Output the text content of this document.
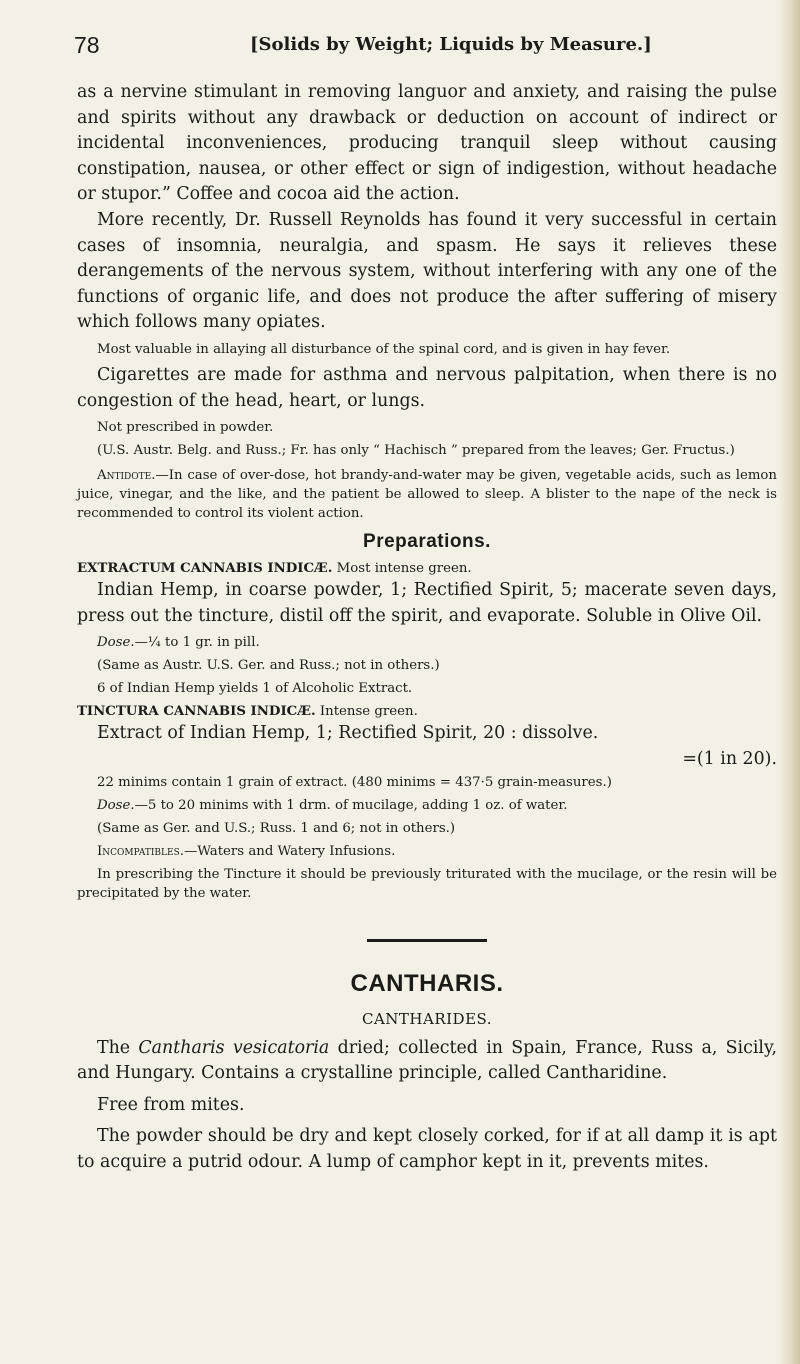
78	[Solids by Weight; Liquids by Measure.]

as a nervine stimulant in removing languor and anxiety, and raising the pulse and spirits without any drawback or deduction on account of indirect or incidental inconveniences, producing tranquil sleep without causing constipation, nausea, or other effect or sign of indigestion, without headache or stupor.” Coffee and cocoa aid the action.

More recently, Dr. Russell Reynolds has found it very successful in certain cases of insomnia, neuralgia, and spasm. He says it relieves these derangements of the nervous system, without interfering with any one of the functions of organic life, and does not produce the after suffering of misery which follows many opiates.

Most valuable in allaying all disturbance of the spinal cord, and is given in hay fever.

Cigarettes are made for asthma and nervous palpitation, when there is no congestion of the head, heart, or lungs.

Not prescribed in powder.

(U.S. Austr. Belg. and Russ.; Fr. has only “ Hachisch ” prepared from the leaves; Ger. Fructus.)

Antidote.—In case of over-dose, hot brandy-and-water may be given, vegetable acids, such as lemon juice, vinegar, and the like, and the patient be allowed to sleep. A blister to the nape of the neck is recommended to control its violent action.

Preparations.

EXTRACTUM CANNABIS INDICÆ. Most intense green.

Indian Hemp, in coarse powder, 1; Rectified Spirit, 5; macerate seven days, press out the tincture, distil off the spirit, and evaporate. Soluble in Olive Oil.

Dose.—¼ to 1 gr. in pill.

(Same as Austr. U.S. Ger. and Russ.; not in others.)

6 of Indian Hemp yields 1 of Alcoholic Extract.

TINCTURA CANNABIS INDICÆ. Intense green.

Extract of Indian Hemp, 1; Rectified Spirit, 20 : dissolve.

=(1 in 20).

22 minims contain 1 grain of extract. (480 minims = 437·5 grain-measures.)

Dose.—5 to 20 minims with 1 drm. of mucilage, adding 1 oz. of water.

(Same as Ger. and U.S.; Russ. 1 and 6; not in others.)

Incompatibles.—Waters and Watery Infusions.

In prescribing the Tincture it should be previously triturated with the mucilage, or the resin will be precipitated by the water.

CANTHARIS.
CANTHARIDES.

The Cantharis vesicatoria dried; collected in Spain, France, Russ a, Sicily, and Hungary. Contains a crystalline principle, called Cantharidine.

Free from mites.

The powder should be dry and kept closely corked, for if at all damp it is apt to acquire a putrid odour. A lump of camphor kept in it, prevents mites.
